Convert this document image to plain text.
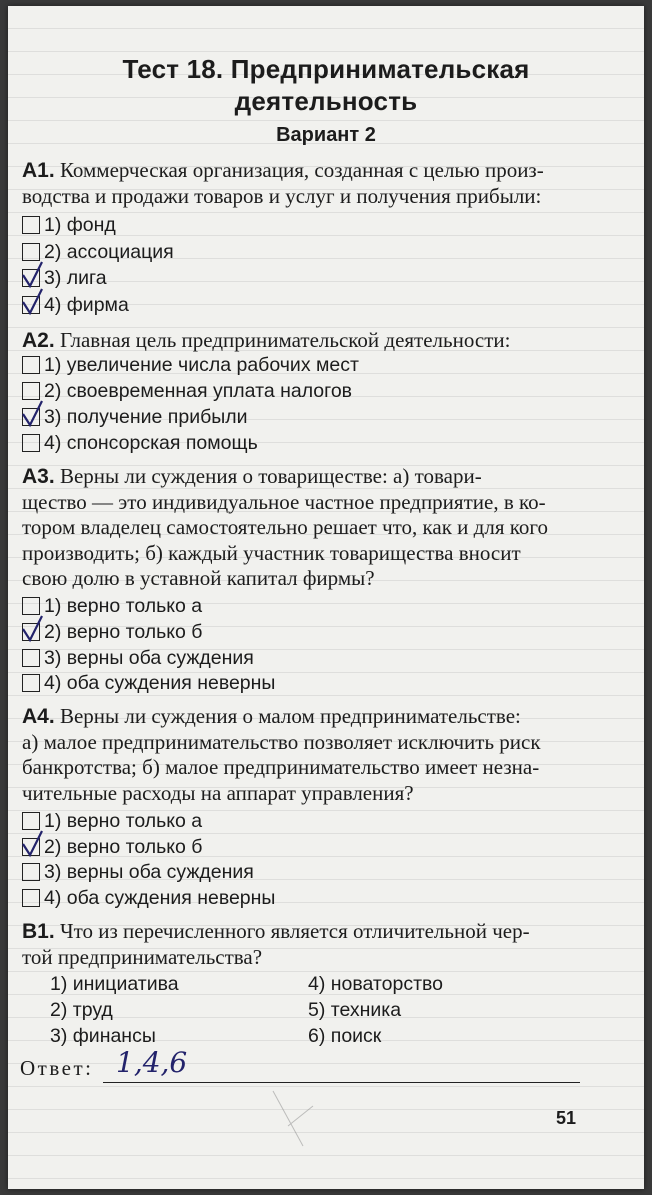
Тест 18. Предпринимательская
деятельность
Вариант 2
А1. Коммерческая организация, созданная с целью произ-
водства и продажи товаров и услуг и получения прибыли:
1) фонд
2) ассоциация
3) лига
4) фирма
А2. Главная цель предпринимательской деятельности:
1) увеличение числа рабочих мест
2) своевременная уплата налогов
3) получение прибыли
4) спонсорская помощь
А3. Верны ли суждения о товариществе: а) товари-
щество — это индивидуальное частное предприятие, в ко-
тором владелец самостоятельно решает что, как и для кого
производить; б) каждый участник товарищества вносит
свою долю в уставной капитал фирмы?
1) верно только а
2) верно только б
3) верны оба суждения
4) оба суждения неверны
А4. Верны ли суждения о малом предпринимательстве:
а) малое предпринимательство позволяет исключить риск
банкротства; б) малое предпринимательство имеет незна-
чительные расходы на аппарат управления?
1) верно только а
2) верно только б
3) верны оба суждения
4) оба суждения неверны
В1. Что из перечисленного является отличительной чер-
той предпринимательства?
1) инициатива
2) труд
3) финансы
4) новаторство
5) техника
6) поиск
Ответ: 1,4,6
51
